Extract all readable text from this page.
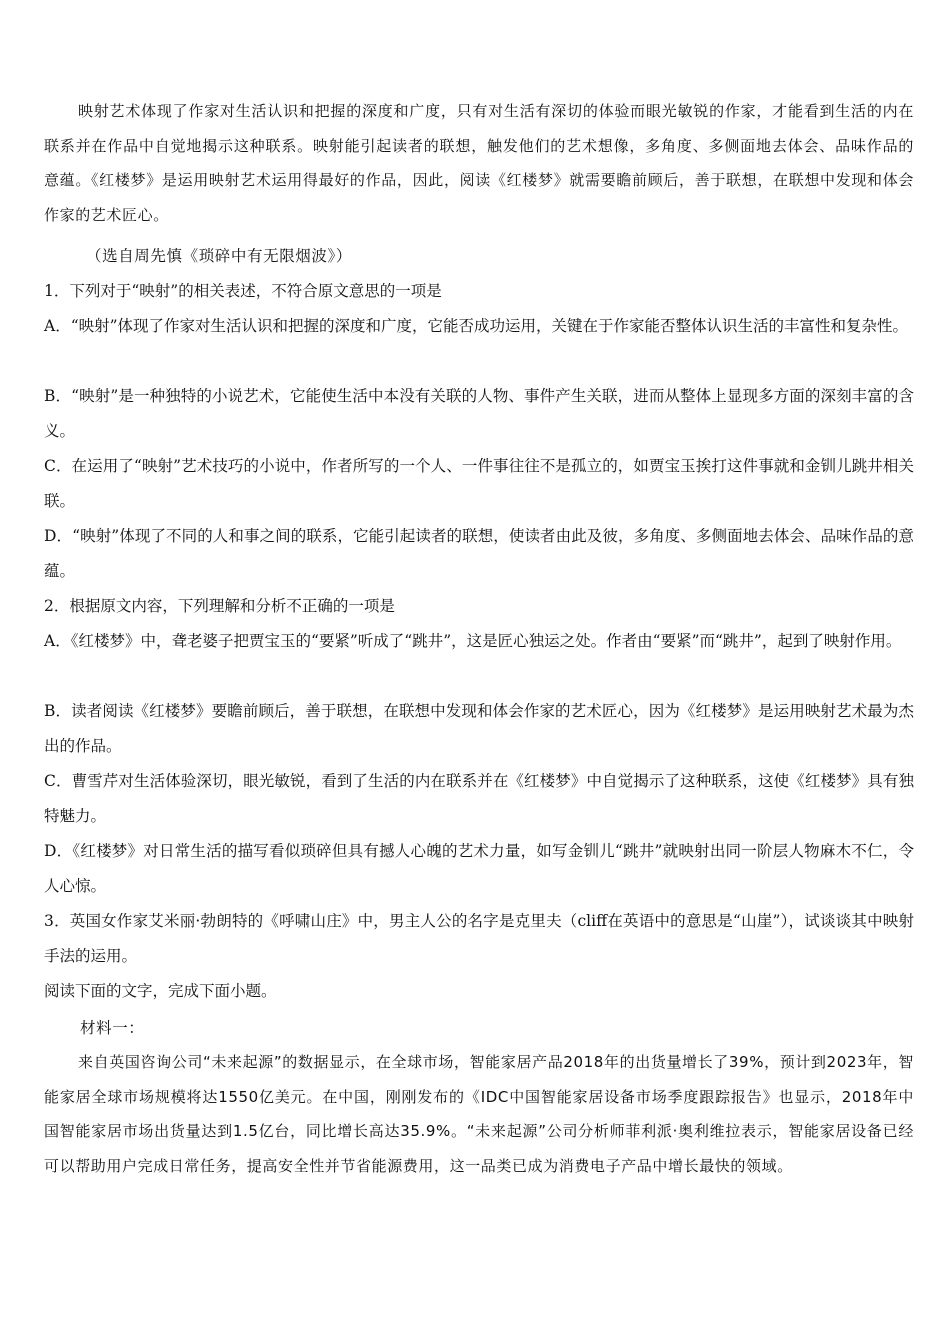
映射艺术体现了作家对生活认识和把握的深度和广度，只有对生活有深切的体验而眼光敏锐的作家，才能看到生活的内在联系并在作品中自觉地揭示这种联系。映射能引起读者的联想，触发他们的艺术想像，多角度、多侧面地去体会、品味作品的意蕴。《红楼梦》是运用映射艺术运用得最好的作品，因此，阅读《红楼梦》就需要瞻前顾后，善于联想，在联想中发现和体会作家的艺术匠心。

（选自周先慎《琐碎中有无限烟波》）

1．下列对于“映射”的相关表述，不符合原文意思的一项是

A．“映射”体现了作家对生活认识和把握的深度和广度，它能否成功运用，关键在于作家能否整体认识生活的丰富性和复杂性。

B．“映射”是一种独特的小说艺术，它能使生活中本没有关联的人物、事件产生关联，进而从整体上显现多方面的深刻丰富的含义。

C．在运用了“映射”艺术技巧的小说中，作者所写的一个人、一件事往往不是孤立的，如贾宝玉挨打这件事就和金钏儿跳井相关联。

D．“映射”体现了不同的人和事之间的联系，它能引起读者的联想，使读者由此及彼，多角度、多侧面地去体会、品味作品的意蕴。

2．根据原文内容，下列理解和分析不正确的一项是

A．《红楼梦》中，聋老婆子把贾宝玉的“要紧”听成了“跳井”，这是匠心独运之处。作者由“要紧”而“跳井”，起到了映射作用。

B．读者阅读《红楼梦》要瞻前顾后，善于联想，在联想中发现和体会作家的艺术匠心，因为《红楼梦》是运用映射艺术最为杰出的作品。

C．曹雪芹对生活体验深切，眼光敏锐，看到了生活的内在联系并在《红楼梦》中自觉揭示了这种联系，这使《红楼梦》具有独特魅力。

D．《红楼梦》对日常生活的描写看似琐碎但具有撼人心魄的艺术力量，如写金钏儿“跳井”就映射出同一阶层人物麻木不仁，令人心惊。

3．英国女作家艾米丽·勃朗特的《呼啸山庄》中，男主人公的名字是克里夫（cliff在英语中的意思是“山崖”），试谈谈其中映射手法的运用。

阅读下面的文字，完成下面小题。

材料一：

来自英国咨询公司“未来起源”的数据显示，在全球市场，智能家居产品2018年的出货量增长了39%，预计到2023年，智能家居全球市场规模将达1550亿美元。在中国，刚刚发布的《IDC中国智能家居设备市场季度跟踪报告》也显示，2018年中国智能家居市场出货量达到1.5亿台，同比增长高达35.9%。“未来起源”公司分析师菲利派·奥利维拉表示，智能家居设备已经可以帮助用户完成日常任务，提高安全性并节省能源费用，这一品类已成为消费电子产品中增长最快的领域。
